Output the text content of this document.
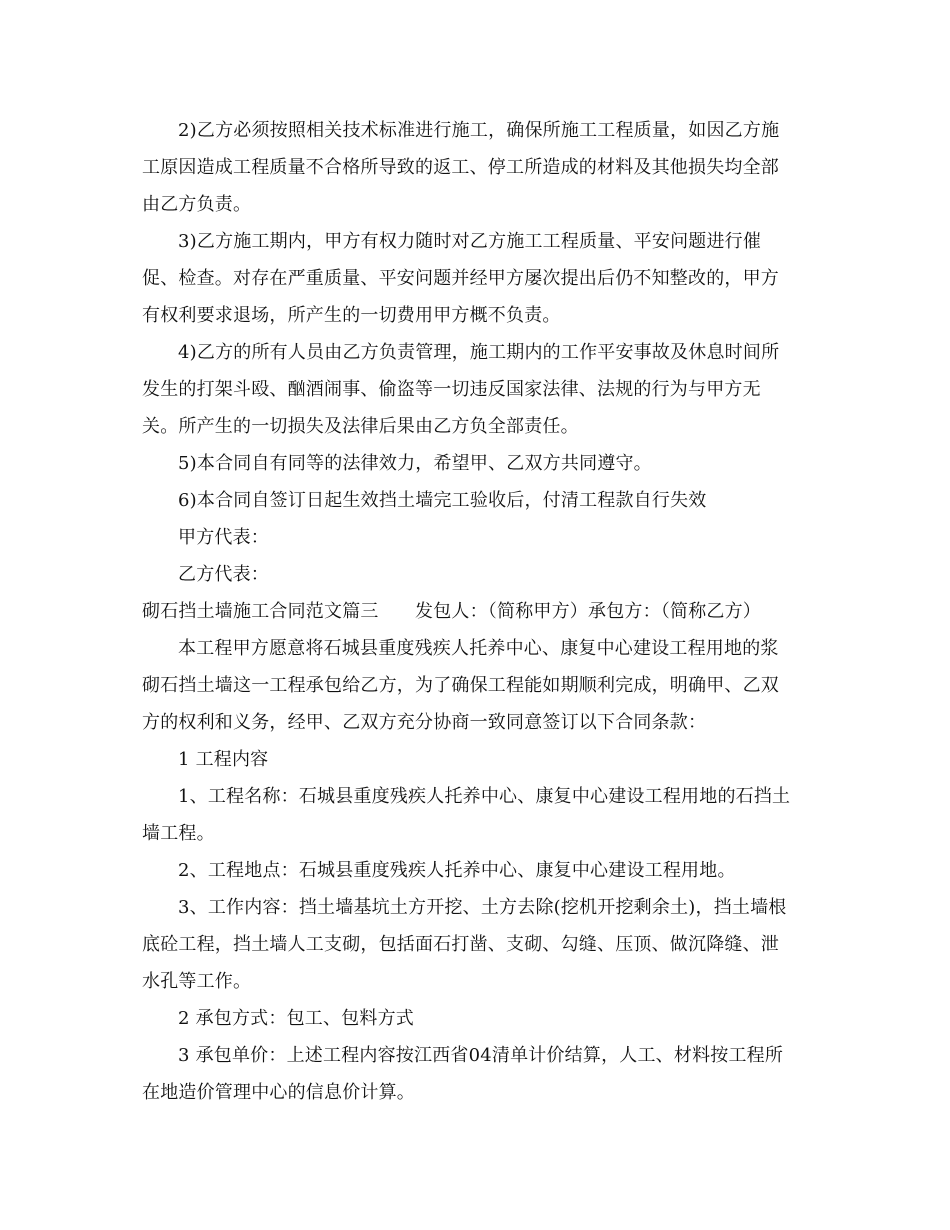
2)乙方必须按照相关技术标准进行施工，确保所施工工程质量，如因乙方施

工原因造成工程质量不合格所导致的返工、停工所造成的材料及其他损失均全部

由乙方负责。

3)乙方施工期内，甲方有权力随时对乙方施工工程质量、平安问题进行催

促、检查。对存在严重质量、平安问题并经甲方屡次提出后仍不知整改的，甲方

有权利要求退场，所产生的一切费用甲方概不负责。

4)乙方的所有人员由乙方负责管理，施工期内的工作平安事故及休息时间所

发生的打架斗殴、酗酒闹事、偷盗等一切违反国家法律、法规的行为与甲方无

关。所产生的一切损失及法律后果由乙方负全部责任。

5)本合同自有同等的法律效力，希望甲、乙双方共同遵守。

6)本合同自签订日起生效挡土墙完工验收后，付清工程款自行失效

甲方代表：

乙方代表：

砌石挡土墙施工合同范文篇三　　发包人：（简称甲方）承包方：（简称乙方）

本工程甲方愿意将石城县重度残疾人托养中心、康复中心建设工程用地的浆

砌石挡土墙这一工程承包给乙方，为了确保工程能如期顺利完成，明确甲、乙双

方的权利和义务，经甲、乙双方充分协商一致同意签订以下合同条款：

1 工程内容

1、工程名称：石城县重度残疾人托养中心、康复中心建设工程用地的石挡土

墙工程。

2、工程地点：石城县重度残疾人托养中心、康复中心建设工程用地。

3、工作内容：挡土墙基坑土方开挖、土方去除(挖机开挖剩余土)，挡土墙根

底砼工程，挡土墙人工支砌，包括面石打凿、支砌、勾缝、压顶、做沉降缝、泄

水孔等工作。

2 承包方式：包工、包料方式

3 承包单价：上述工程内容按江西省04清单计价结算，人工、材料按工程所

在地造价管理中心的信息价计算。
